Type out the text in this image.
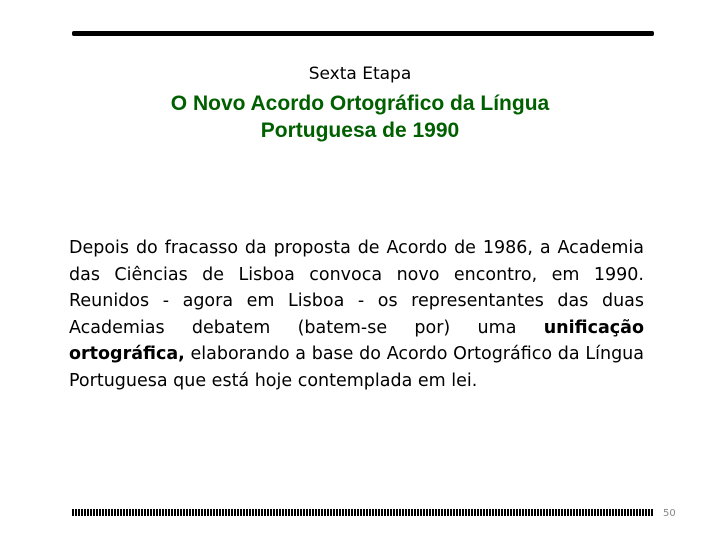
Sexta Etapa
O Novo Acordo Ortográfico da Língua
Portuguesa de 1990
Depois do fracasso da proposta de Acordo de 1986, a Academia das Ciências de Lisboa convoca novo encontro, em 1990. Reunidos - agora em Lisboa - os representantes das duas Academias debatem (batem-se por) uma unificação ortográfica, elaborando a base do Acordo Ortográfico da Língua Portuguesa que está hoje contemplada em lei.
50
